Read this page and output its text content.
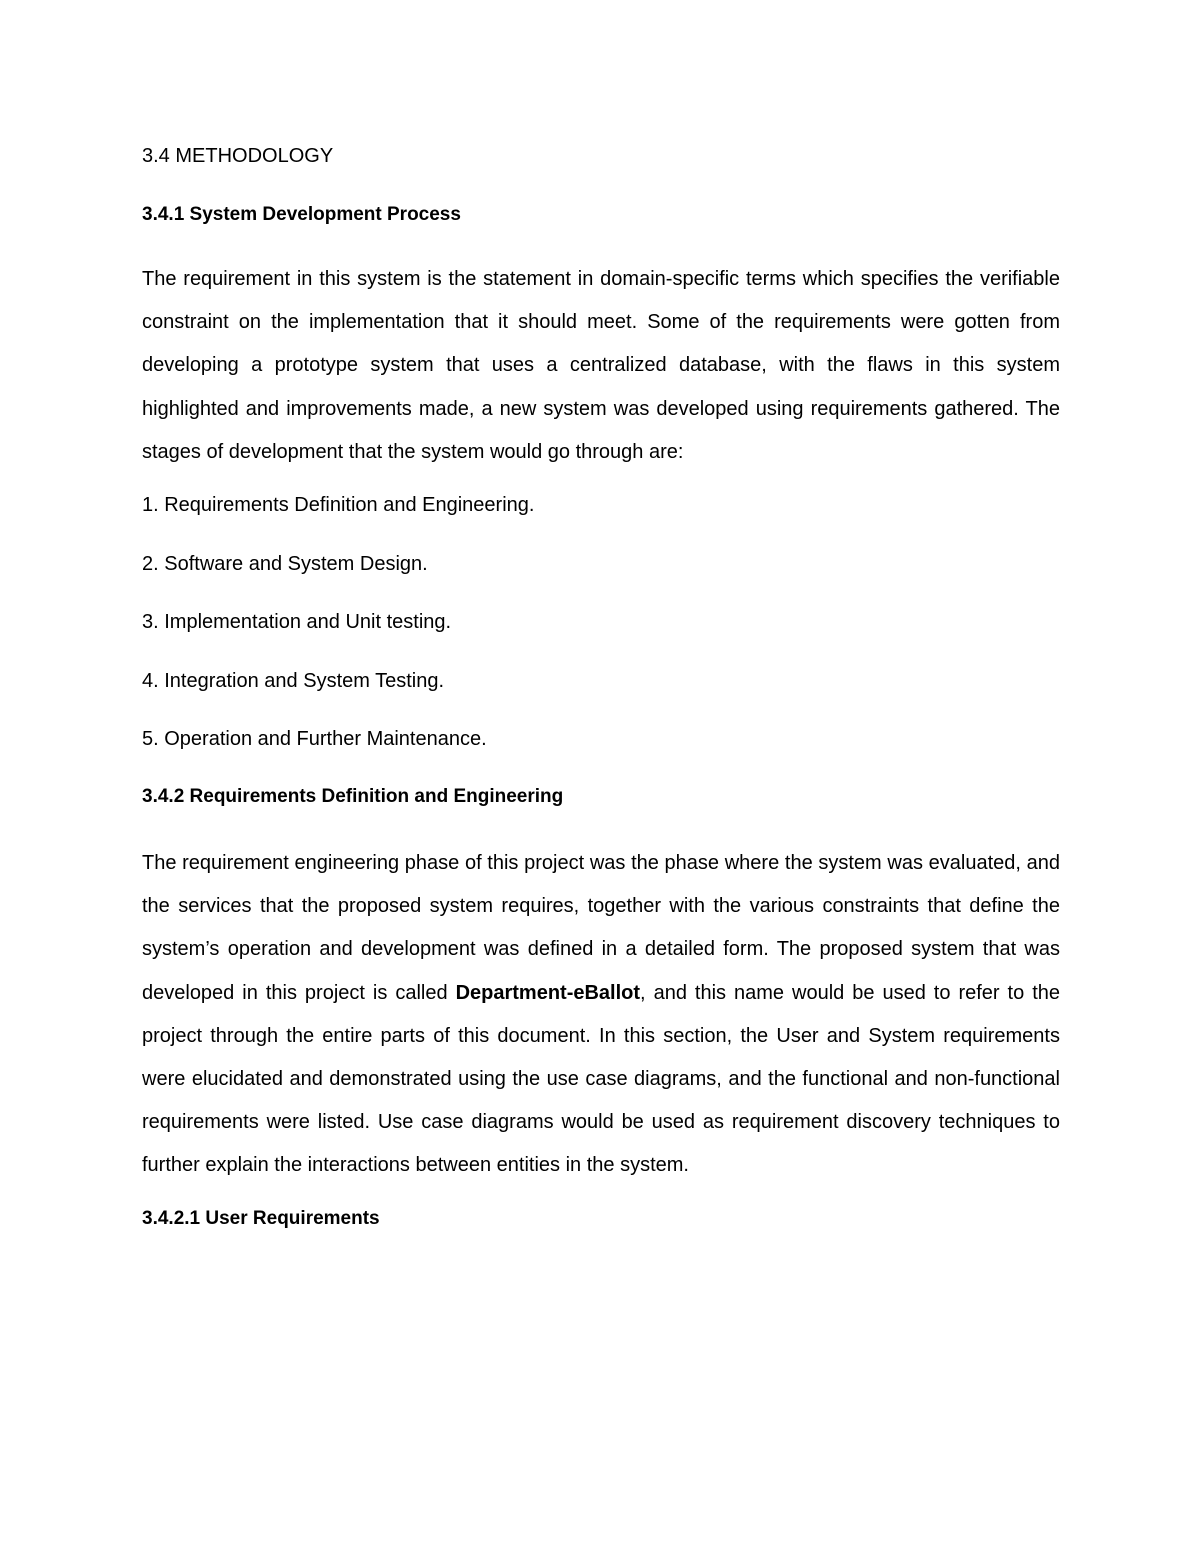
3.4 METHODOLOGY
3.4.1 System Development Process

The requirement in this system is the statement in domain-specific terms which specifies the verifiable constraint on the implementation that it should meet. Some of the requirements were gotten from developing a prototype system that uses a centralized database, with the flaws in this system highlighted and improvements made, a new system was developed using requirements gathered. The stages of development that the system would go through are:

1. Requirements Definition and Engineering.
2. Software and System Design.
3. Implementation and Unit testing.
4. Integration and System Testing.
5. Operation and Further Maintenance.
3.4.2 Requirements Definition and Engineering

The requirement engineering phase of this project was the phase where the system was evaluated, and the services that the proposed system requires, together with the various constraints that define the system’s operation and development was defined in a detailed form. The proposed system that was developed in this project is called Department-eBallot, and this name would be used to refer to the project through the entire parts of this document. In this section, the User and System requirements were elucidated and demonstrated using the use case diagrams, and the functional and non-functional requirements were listed. Use case diagrams would be used as requirement discovery techniques to further explain the interactions between entities in the system.

3.4.2.1 User Requirements
